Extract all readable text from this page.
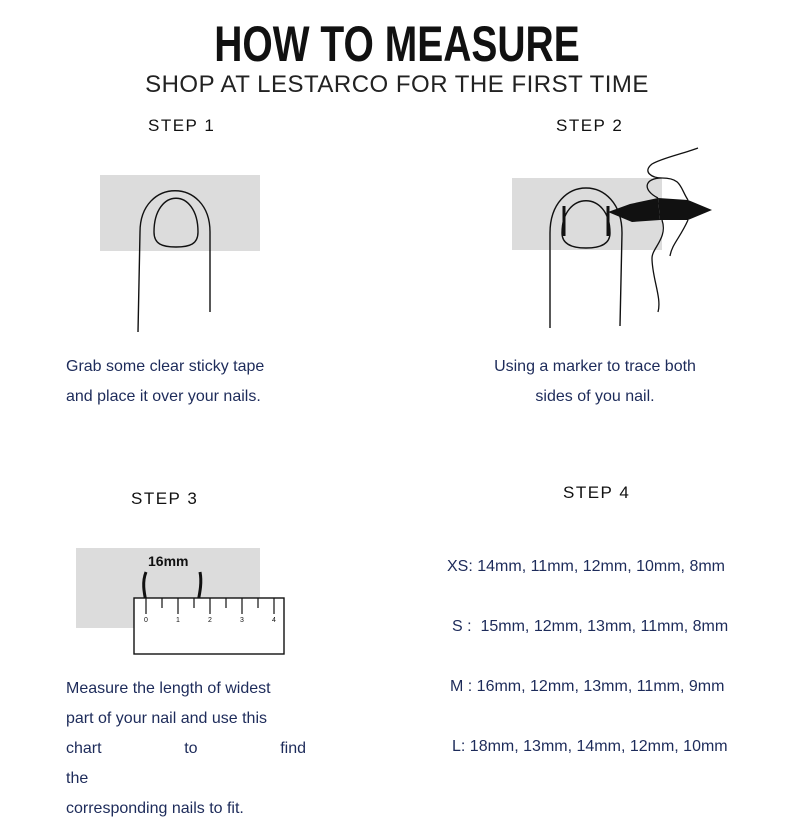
HOW TO MEASURE
SHOP AT LESTARCO FOR THE FIRST TIME
STEP 1
Grab some clear sticky tape
and place it over your nails.
STEP 2
Using a marker to trace both
sides of you nail.
STEP 3
16mm
0	1	2	3	4
Measure the length of widest
part of your nail and use this
chart to find the
corresponding nails to fit.
STEP 4
XS: 14mm, 11mm, 12mm, 10mm, 8mm
S :  15mm, 12mm, 13mm, 11mm, 8mm
M : 16mm, 12mm, 13mm, 11mm, 9mm
L: 18mm, 13mm, 14mm, 12mm, 10mm
